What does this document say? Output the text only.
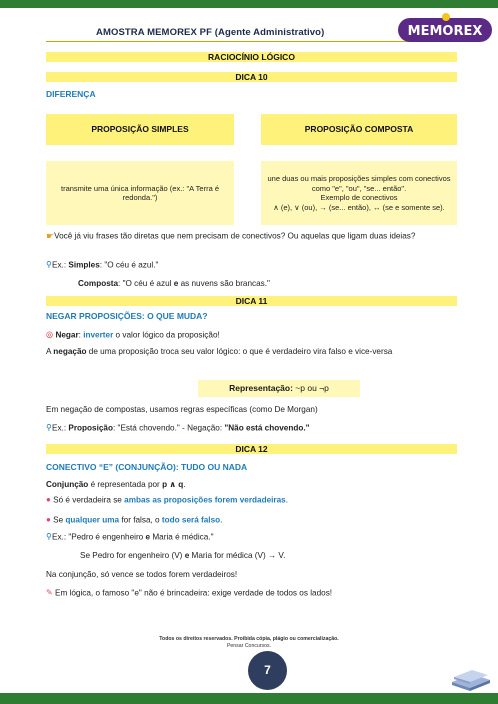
AMOSTRA MEMOREX PF (Agente Administrativo)	MEMOREX
RACIOCÍNIO LÓGICO
DICA 10
DIFERENÇA
PROPOSIÇÃO SIMPLES	PROPOSIÇÃO COMPOSTA
transmite uma única informação (ex.: "A Terra é redonda.")
une duas ou mais proposições simples com conectivos como "e", "ou", "se... então".
Exemplo de conectivos
∧ (e), ∨ (ou), → (se... então), ↔ (se e somente se).
☛Você já viu frases tão diretas que nem precisam de conectivos? Ou aquelas que ligam duas ideias?
⚲Ex.: Simples: "O céu é azul."
Composta: "O céu é azul e as nuvens são brancas."
DICA 11
NEGAR PROPOSIÇÕES: O QUE MUDA?
◎ Negar: inverter o valor lógico da proposição!
A negação de uma proposição troca seu valor lógico: o que é verdadeiro vira falso e vice-versa
Representação: ~p ou ¬p
Em negação de compostas, usamos regras específicas (como De Morgan)
⚲Ex.: Proposição: "Está chovendo." - Negação: "Não está chovendo."
DICA 12
CONECTIVO “E” (CONJUNÇÃO): TUDO OU NADA
Conjunção é representada por p ∧ q.
● Só é verdadeira se ambas as proposições forem verdadeiras.
● Se qualquer uma for falsa, o todo será falso.
⚲Ex.: "Pedro é engenheiro e Maria é médica."
Se Pedro for engenheiro (V) e Maria for médica (V) → V.
Na conjunção, só vence se todos forem verdadeiros!
✎ Em lógica, o famoso "e" não é brincadeira: exige verdade de todos os lados!
Todos os direitos reservados. Proibida cópia, plágio ou comercialização.
Pensar Concursos.
7
